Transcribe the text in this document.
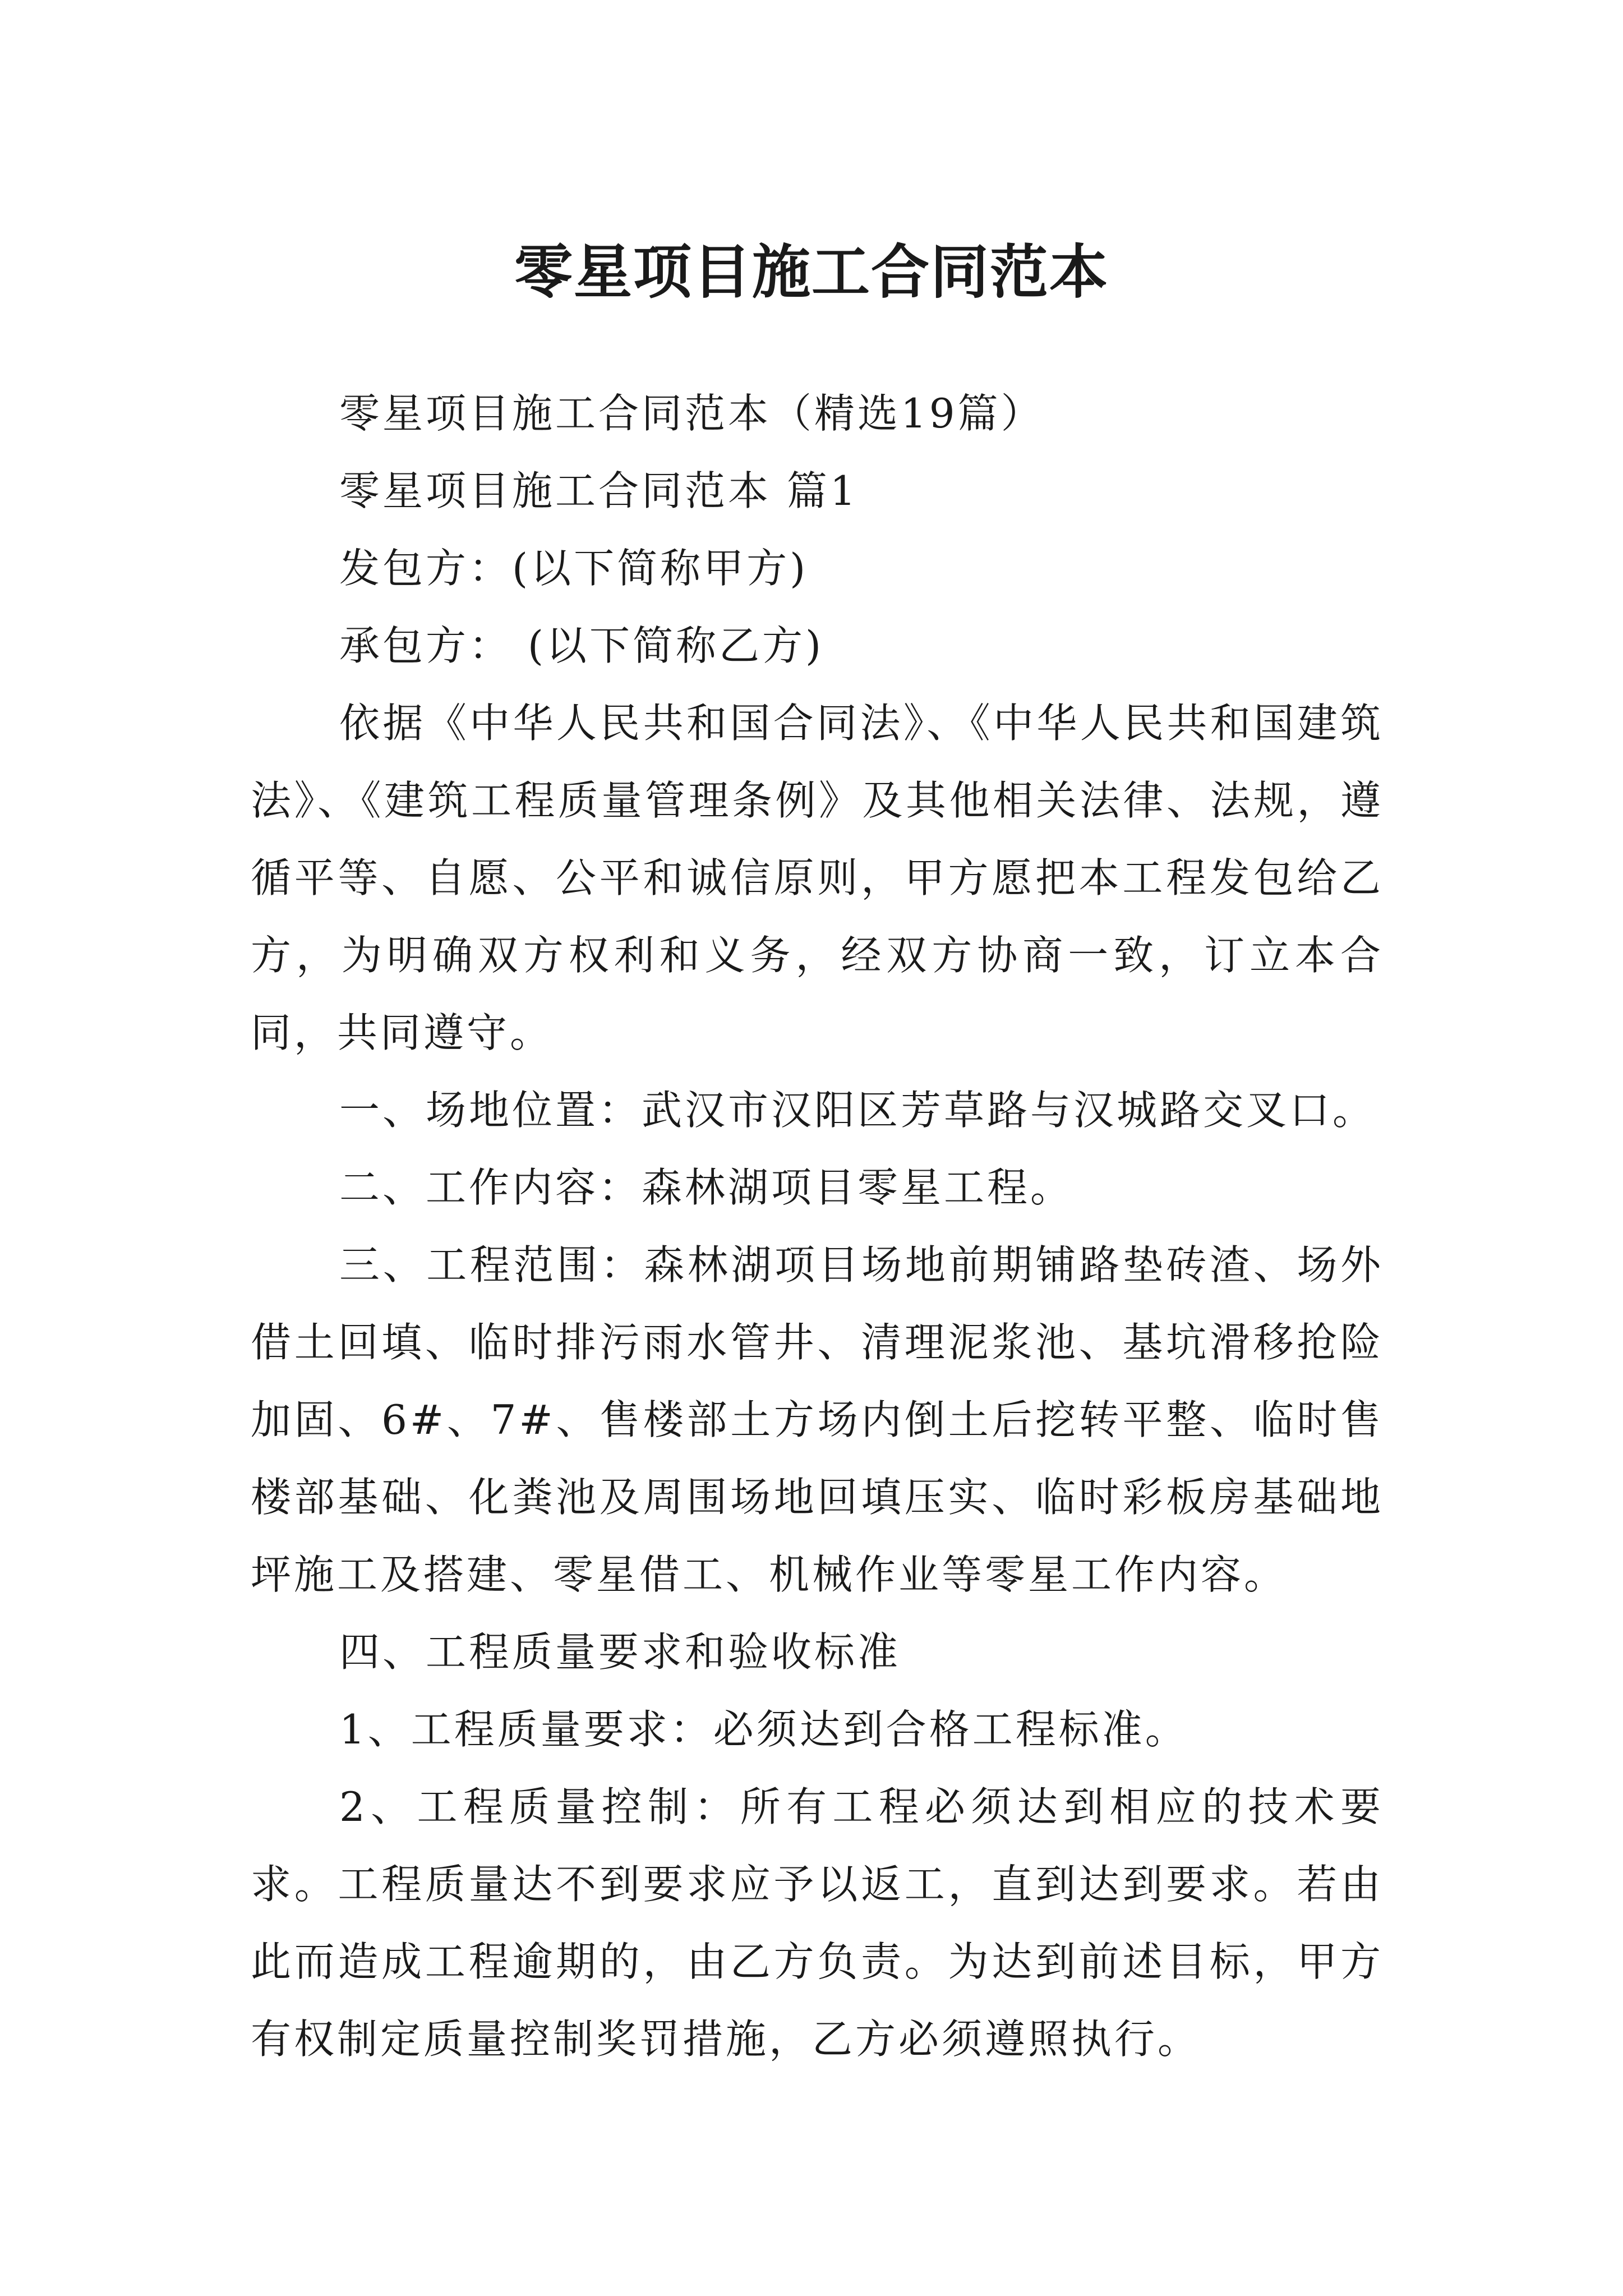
零星项目施工合同范本

零星项目施工合同范本（精选19篇）

零星项目施工合同范本 篇1

发包方：(以下简称甲方)

承包方： (以下简称乙方)

依据《中华人民共和国合同法》、《中华人民共和国建筑法》、《建筑工程质量管理条例》及其他相关法律、法规，遵循平等、自愿、公平和诚信原则，甲方愿把本工程发包给乙方，为明确双方权利和义务，经双方协商一致，订立本合同，共同遵守。

一、场地位置：武汉市汉阳区芳草路与汉城路交叉口。

二、工作内容：森林湖项目零星工程。

三、工程范围：森林湖项目场地前期铺路垫砖渣、场外借土回填、临时排污雨水管井、清理泥浆池、基坑滑移抢险加固、6#、7#、售楼部土方场内倒土后挖转平整、临时售楼部基础、化粪池及周围场地回填压实、临时彩板房基础地坪施工及搭建、零星借工、机械作业等零星工作内容。

四、工程质量要求和验收标准

1、工程质量要求：必须达到合格工程标准。

2、工程质量控制：所有工程必须达到相应的技术要求。工程质量达不到要求应予以返工，直到达到要求。若由此而造成工程逾期的，由乙方负责。为达到前述目标，甲方有权制定质量控制奖罚措施，乙方必须遵照执行。
